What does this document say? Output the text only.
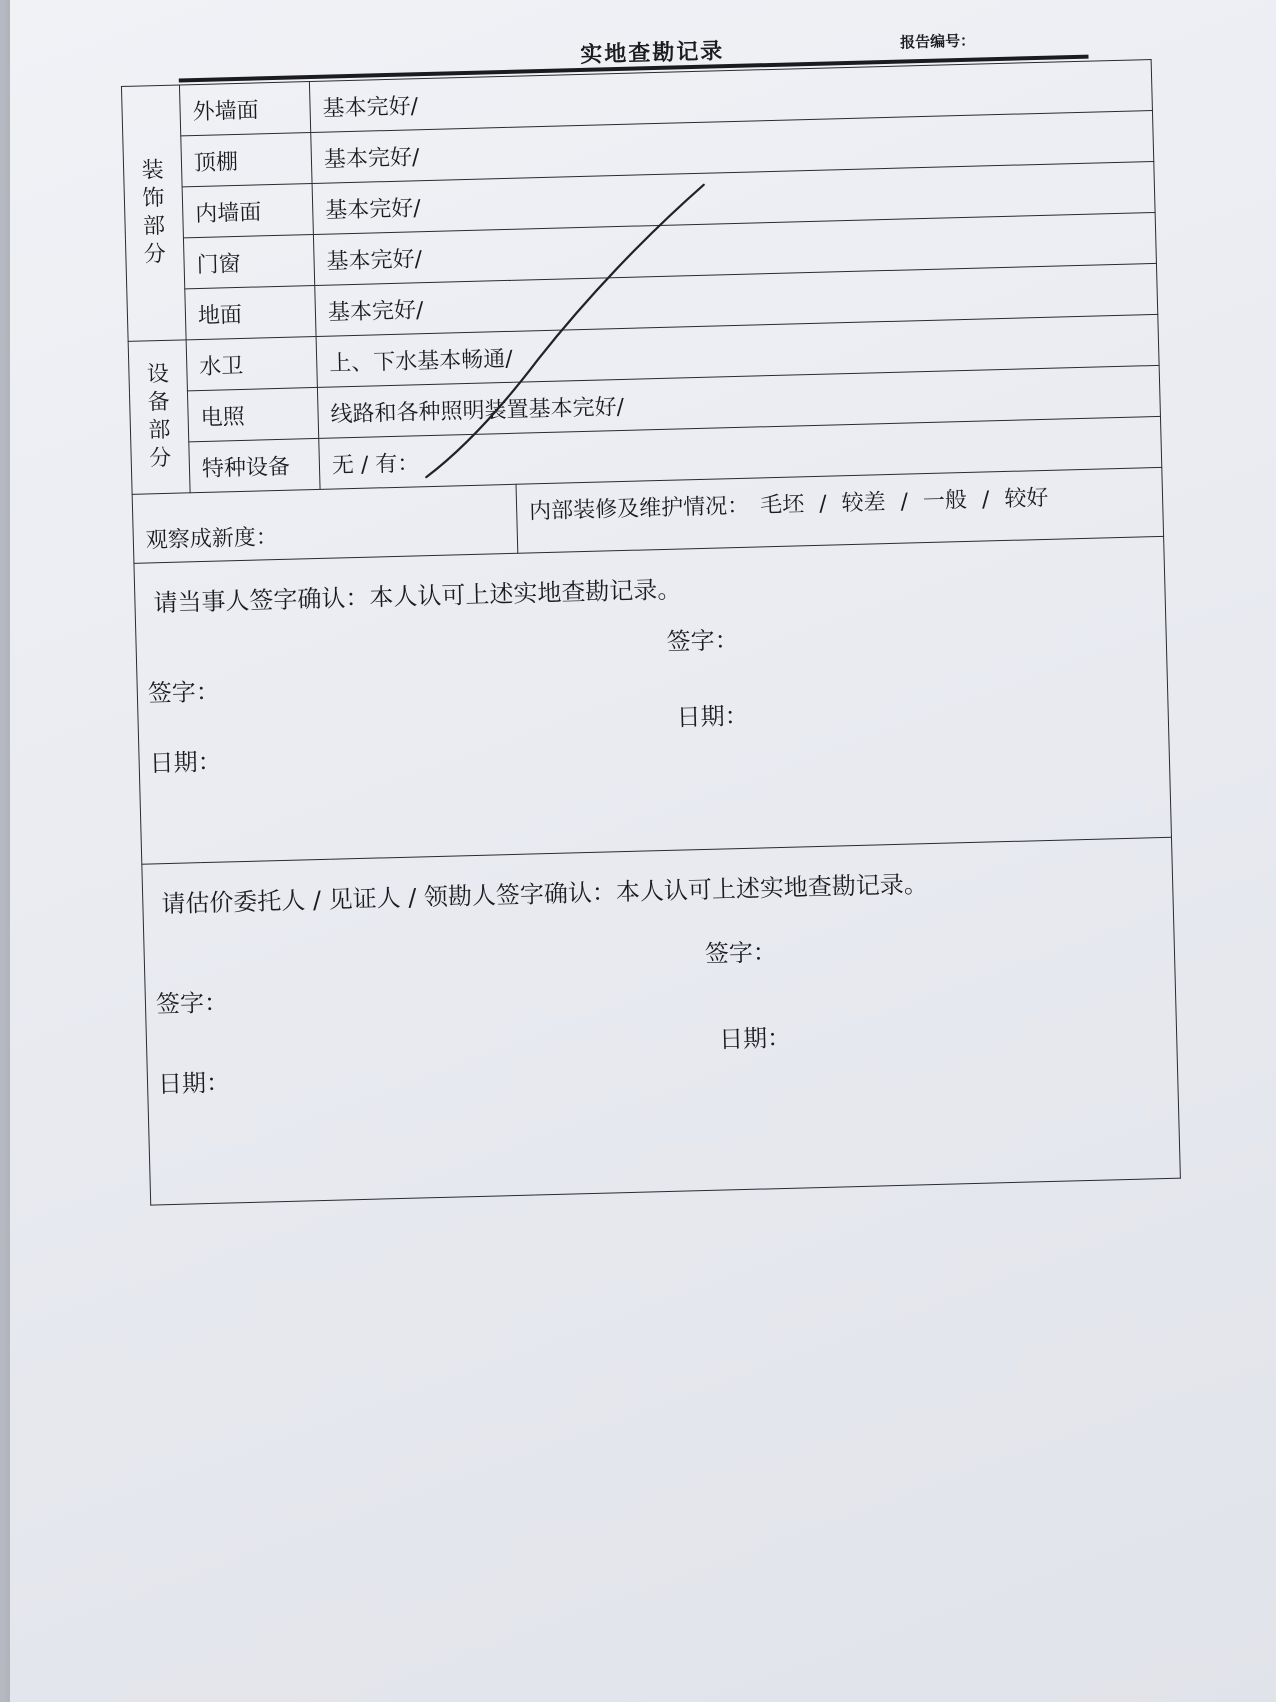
实地查勘记录	报告编号：
装
饰
部
分	外墙面	基本完好/	
	顶棚	基本完好/	
	内墙面	基本完好/	
	门窗	基本完好/	
	地面	基本完好/	
设
备
部
分	水卫	上、下水基本畅通/	
	电照	线路和各种照明装置基本完好/	
	特种设备	无 / 有：	
观察成新度：			内部装修及维护情况： 毛坯 / 较差 / 一般 / 较好

请当事人签字确认：本人认可上述实地查勘记录。
签字：
签字：
日期：
日期：			

请估价委托人 / 见证人 / 领勘人签字确认：本人认可上述实地查勘记录。
签字：
签字：
日期：
日期：			
